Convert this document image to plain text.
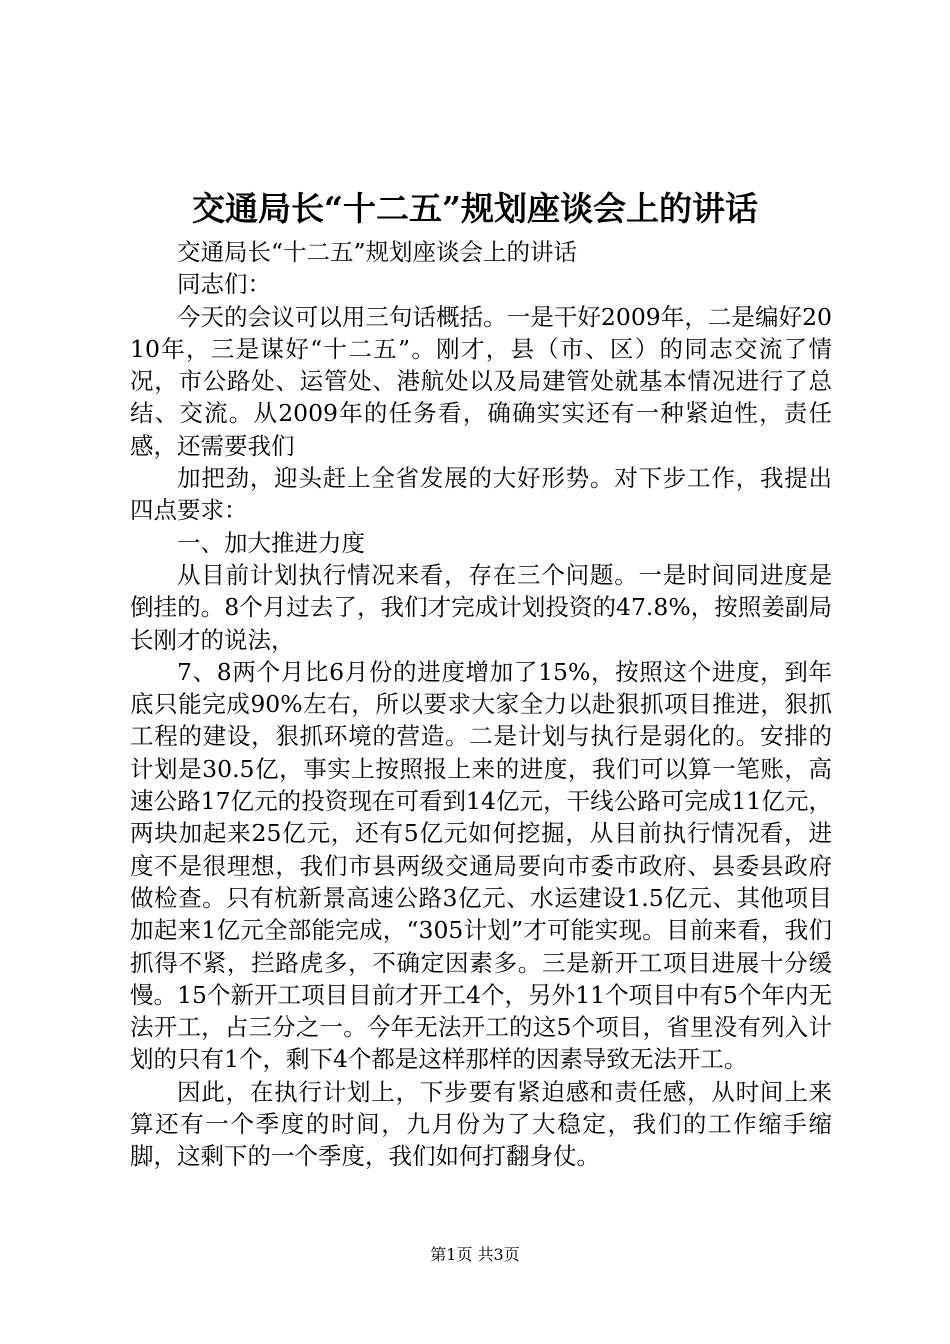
交通局长“十二五”规划座谈会上的讲话

交通局长“十二五”规划座谈会上的讲话

同志们：

今天的会议可以用三句话概括。一是干好2009年，二是编好2010年，三是谋好“十二五”。刚才，县（市、区）的同志交流了情况，市公路处、运管处、港航处以及局建管处就基本情况进行了总结、交流。从2009年的任务看，确确实实还有一种紧迫性，责任感，还需要我们

加把劲，迎头赶上全省发展的大好形势。对下步工作，我提出四点要求：

一、加大推进力度

从目前计划执行情况来看，存在三个问题。一是时间同进度是倒挂的。8个月过去了，我们才完成计划投资的47.8%，按照姜副局长刚才的说法，

7、8两个月比6月份的进度增加了15%，按照这个进度，到年底只能完成90%左右，所以要求大家全力以赴狠抓项目推进，狠抓工程的建设，狠抓环境的营造。二是计划与执行是弱化的。安排的计划是30.5亿，事实上按照报上来的进度，我们可以算一笔账，高速公路17亿元的投资现在可看到14亿元，干线公路可完成11亿元，两块加起来25亿元，还有5亿元如何挖掘，从目前执行情况看，进度不是很理想，我们市县两级交通局要向市委市政府、县委县政府做检查。只有杭新景高速公路3亿元、水运建设1.5亿元、其他项目加起来1亿元全部能完成，“305计划”才可能实现。目前来看，我们抓得不紧，拦路虎多，不确定因素多。三是新开工项目进展十分缓慢。15个新开工项目目前才开工4个，另外11个项目中有5个年内无法开工，占三分之一。今年无法开工的这5个项目，省里没有列入计划的只有1个，剩下4个都是这样那样的因素导致无法开工。

因此，在执行计划上，下步要有紧迫感和责任感，从时间上来算还有一个季度的时间，九月份为了大稳定，我们的工作缩手缩脚，这剩下的一个季度，我们如何打翻身仗。

第1页 共3页
